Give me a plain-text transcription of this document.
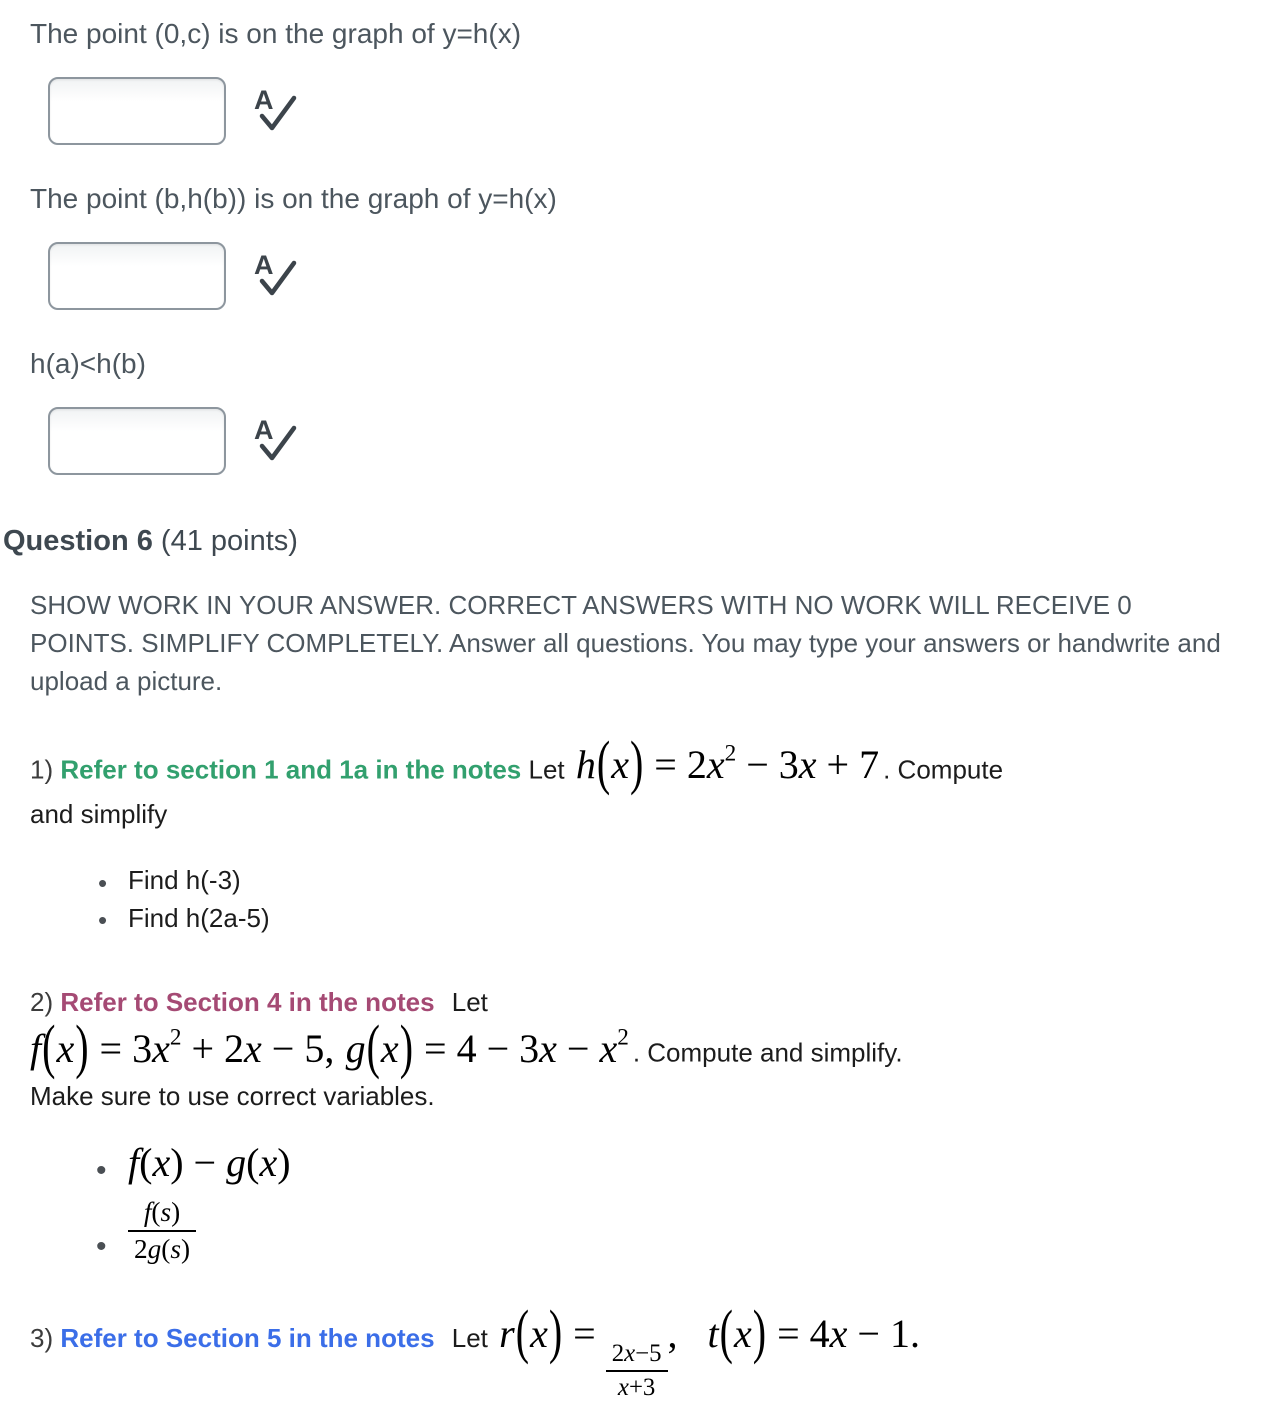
The point (0,c) is on the graph of y=h(x)

A

The point (b,h(b)) is on the graph of y=h(x)

A

h(a)<h(b)

A
Question 6 (41 points)

SHOW WORK IN YOUR ANSWER. CORRECT ANSWERS WITH NO WORK WILL RECEIVE 0 POINTS. SIMPLIFY COMPLETELY. Answer all questions. You may type your answers or handwrite and upload a picture.

1) Refer to section 1 and 1a in the notes Let $h(x) = 2x^2 - 3x + 7$ . Compute
and simplify
• Find h(-3)
• Find h(2a-5)
2) Refer to Section 4 in the notes Let
$f(x) = 3x^2 + 2x - 5$, $g(x) = 4 - 3x - x^2$. Compute and simplify.
Make sure to use correct variables.
• f(x) − g(x)
• $\frac{f(s)}{2g(s)}$
3) Refer to Section 5 in the notes Let r(x) =
$\frac{2x-5}{x+3}$
,  t(x) = 4x − 1.
